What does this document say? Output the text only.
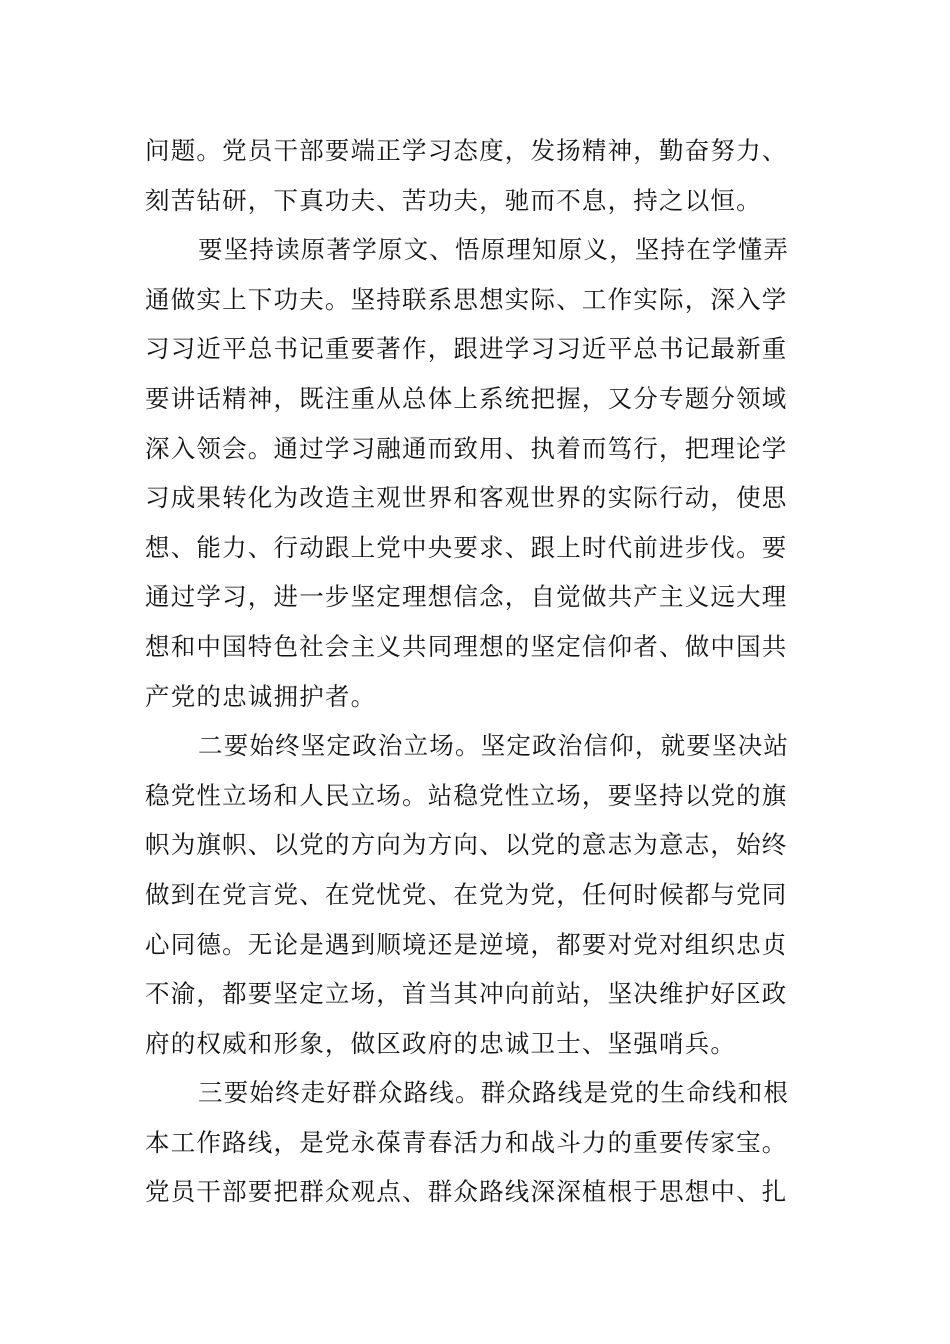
问题。党员干部要端正学习态度，发扬精神，勤奋努力、
刻苦钻研，下真功夫、苦功夫，驰而不息，持之以恒。
要坚持读原著学原文、悟原理知原义，坚持在学懂弄
通做实上下功夫。坚持联系思想实际、工作实际，深入学
习习近平总书记重要著作，跟进学习习近平总书记最新重
要讲话精神，既注重从总体上系统把握，又分专题分领域
深入领会。通过学习融通而致用、执着而笃行，把理论学
习成果转化为改造主观世界和客观世界的实际行动，使思
想、能力、行动跟上党中央要求、跟上时代前进步伐。要
通过学习，进一步坚定理想信念，自觉做共产主义远大理
想和中国特色社会主义共同理想的坚定信仰者、做中国共
产党的忠诚拥护者。
二要始终坚定政治立场。坚定政治信仰，就要坚决站
稳党性立场和人民立场。站稳党性立场，要坚持以党的旗
帜为旗帜、以党的方向为方向、以党的意志为意志，始终
做到在党言党、在党忧党、在党为党，任何时候都与党同
心同德。无论是遇到顺境还是逆境，都要对党对组织忠贞
不渝，都要坚定立场，首当其冲向前站，坚决维护好区政
府的权威和形象，做区政府的忠诚卫士、坚强哨兵。
三要始终走好群众路线。群众路线是党的生命线和根
本工作路线，是党永葆青春活力和战斗力的重要传家宝。
党员干部要把群众观点、群众路线深深植根于思想中、扎
